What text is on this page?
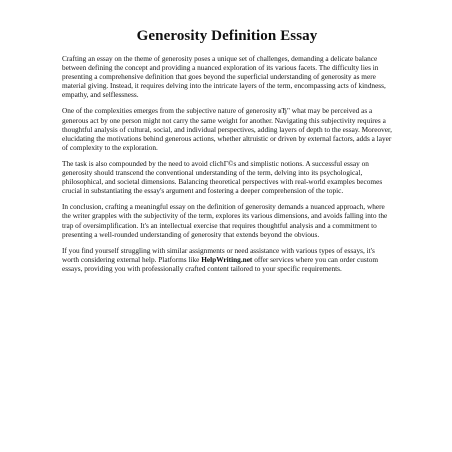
Generosity Definition Essay

Crafting an essay on the theme of generosity poses a unique set of challenges, demanding a delicate balance between defining the concept and providing a nuanced exploration of its various facets. The difficulty lies in presenting a comprehensive definition that goes beyond the superficial understanding of generosity as mere material giving. Instead, it requires delving into the intricate layers of the term, encompassing acts of kindness, empathy, and selflessness.

One of the complexities emerges from the subjective nature of generosity вЂ" what may be perceived as a generous act by one person might not carry the same weight for another. Navigating this subjectivity requires a thoughtful analysis of cultural, social, and individual perspectives, adding layers of depth to the essay. Moreover, elucidating the motivations behind generous actions, whether altruistic or driven by external factors, adds a layer of complexity to the exploration.

The task is also compounded by the need to avoid clichГ©s and simplistic notions. A successful essay on generosity should transcend the conventional understanding of the term, delving into its psychological, philosophical, and societal dimensions. Balancing theoretical perspectives with real-world examples becomes crucial in substantiating the essay's argument and fostering a deeper comprehension of the topic.

In conclusion, crafting a meaningful essay on the definition of generosity demands a nuanced approach, where the writer grapples with the subjectivity of the term, explores its various dimensions, and avoids falling into the trap of oversimplification. It's an intellectual exercise that requires thoughtful analysis and a commitment to presenting a well-rounded understanding of generosity that extends beyond the obvious.

If you find yourself struggling with similar assignments or need assistance with various types of essays, it's worth considering external help. Platforms like HelpWriting.net offer services where you can order custom essays, providing you with professionally crafted content tailored to your specific requirements.
